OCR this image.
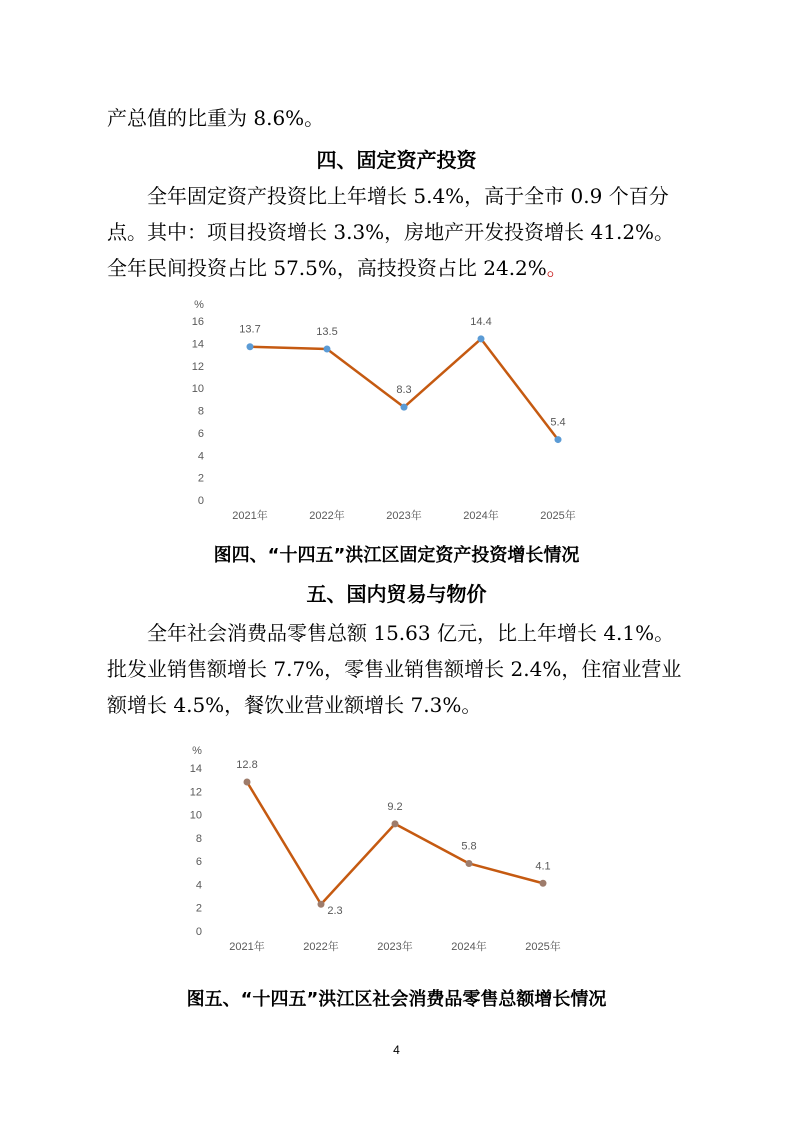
产总值的比重为 8.6%。

四、固定资产投资

全年固定资产投资比上年增长 5.4%，高于全市 0.9 个百分点。其中：项目投资增长 3.3%，房地产开发投资增长 41.2%。全年民间投资占比 57.5%，高技投资占比 24.2%。

%
0
2
4
6
8
10
12
14
16
2021年	2022年	2023年	2024年	2025年
13.7	13.5
8.3
14.4
5.4
%
0
2
4
6
8
10
12
14
2021年	2022年	2023年	2024年	2025年
12.8
2.3
9.2
5.8
4.1

图四、“十四五”洪江区固定资产投资增长情况

五、国内贸易与物价

全年社会消费品零售总额 15.63 亿元，比上年增长 4.1%。批发业销售额增长 7.7%，零售业销售额增长 2.4%，住宿业营业额增长 4.5%，餐饮业营业额增长 7.3%。

图五、“十四五”洪江区社会消费品零售总额增长情况

4
